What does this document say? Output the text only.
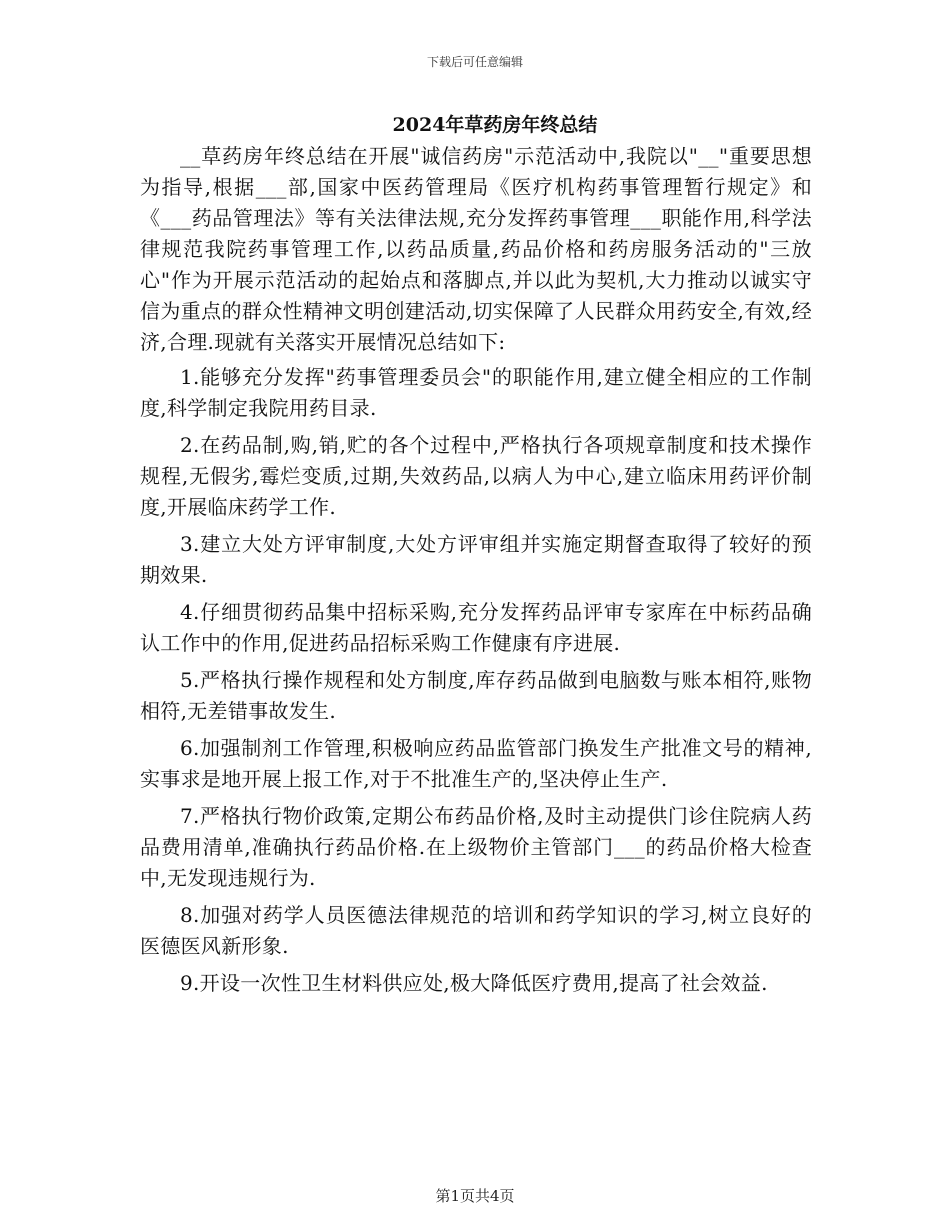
下载后可任意编辑
2024年草药房年终总结

__草药房年终总结在开展"诚信药房"示范活动中,我院以"__"重要思想为指导,根据___部,国家中医药管理局《医疗机构药事管理暂行规定》和《___药品管理法》等有关法律法规,充分发挥药事管理___职能作用,科学法律规范我院药事管理工作,以药品质量,药品价格和药房服务活动的"三放心"作为开展示范活动的起始点和落脚点,并以此为契机,大力推动以诚实守信为重点的群众性精神文明创建活动,切实保障了人民群众用药安全,有效,经济,合理.现就有关落实开展情况总结如下:

1.能够充分发挥"药事管理委员会"的职能作用,建立健全相应的工作制度,科学制定我院用药目录.

2.在药品制,购,销,贮的各个过程中,严格执行各项规章制度和技术操作规程,无假劣,霉烂变质,过期,失效药品,以病人为中心,建立临床用药评价制度,开展临床药学工作.

3.建立大处方评审制度,大处方评审组并实施定期督查取得了较好的预期效果.

4.仔细贯彻药品集中招标采购,充分发挥药品评审专家库在中标药品确认工作中的作用,促进药品招标采购工作健康有序进展.

5.严格执行操作规程和处方制度,库存药品做到电脑数与账本相符,账物相符,无差错事故发生.

6.加强制剂工作管理,积极响应药品监管部门换发生产批准文号的精神,实事求是地开展上报工作,对于不批准生产的,坚决停止生产.

7.严格执行物价政策,定期公布药品价格,及时主动提供门诊住院病人药品费用清单,准确执行药品价格.在上级物价主管部门___的药品价格大检查中,无发现违规行为.

8.加强对药学人员医德法律规范的培训和药学知识的学习,树立良好的医德医风新形象.

9.开设一次性卫生材料供应处,极大降低医疗费用,提高了社会效益.

第1页共4页
